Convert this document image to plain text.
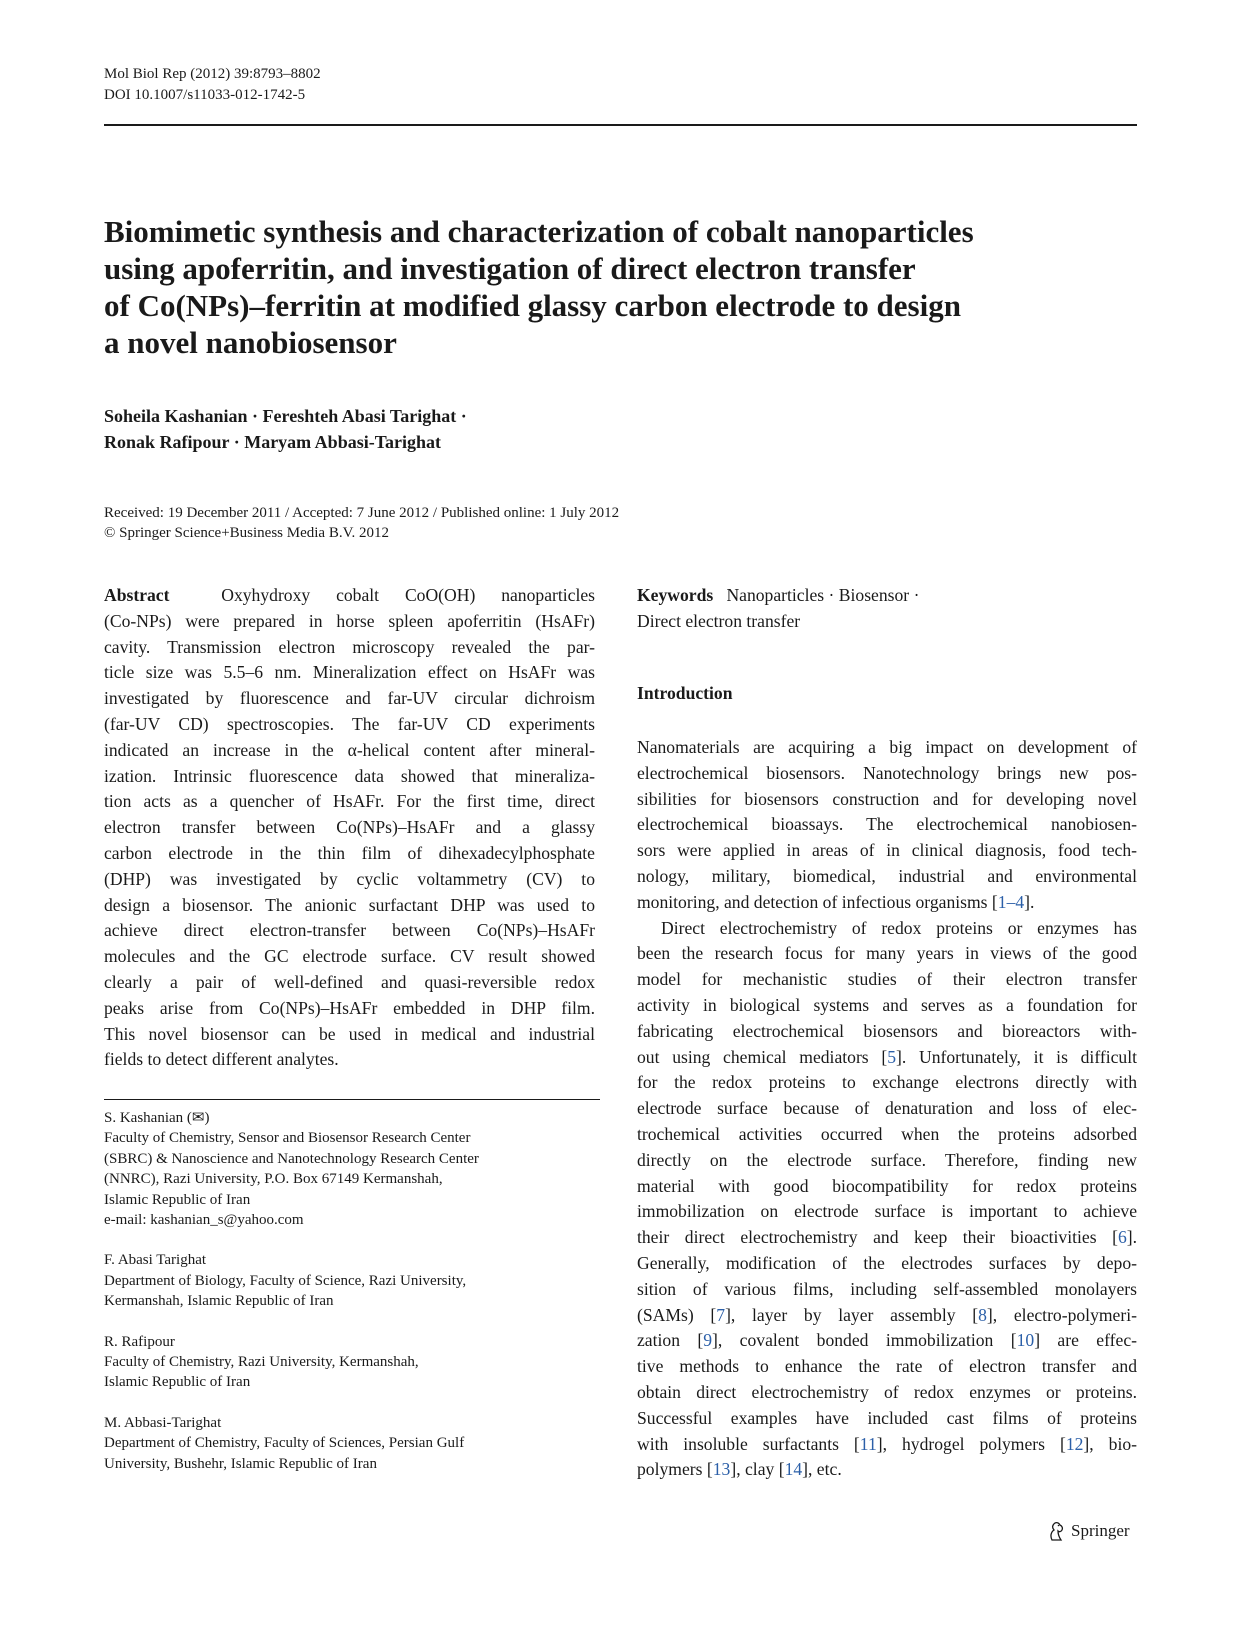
Mol Biol Rep (2012) 39:8793–8802
DOI 10.1007/s11033-012-1742-5
Biomimetic synthesis and characterization of cobalt nanoparticles
using apoferritin, and investigation of direct electron transfer
of Co(NPs)–ferritin at modified glassy carbon electrode to design
a novel nanobiosensor
Soheila Kashanian · Fereshteh Abasi Tarighat ·
Ronak Rafipour · Maryam Abbasi-Tarighat
Received: 19 December 2011 / Accepted: 7 June 2012 / Published online: 1 July 2012
© Springer Science+Business Media B.V. 2012
Abstract	Oxyhydroxy cobalt CoO(OH) nanoparticles
(Co-NPs) were prepared in horse spleen apoferritin (HsAFr)
cavity. Transmission electron microscopy revealed the par-
ticle size was 5.5–6 nm. Mineralization effect on HsAFr was
investigated by fluorescence and far-UV circular dichroism
(far-UV CD) spectroscopies. The far-UV CD experiments
indicated an increase in the α-helical content after mineral-
ization. Intrinsic fluorescence data showed that mineraliza-
tion acts as a quencher of HsAFr. For the first time, direct
electron transfer between Co(NPs)–HsAFr and a glassy
carbon electrode in the thin film of dihexadecylphosphate
(DHP) was investigated by cyclic voltammetry (CV) to
design a biosensor. The anionic surfactant DHP was used to
achieve direct electron-transfer between Co(NPs)–HsAFr
molecules and the GC electrode surface. CV result showed
clearly a pair of well-defined and quasi-reversible redox
peaks arise from Co(NPs)–HsAFr embedded in DHP film.
This novel biosensor can be used in medical and industrial
fields to detect different analytes.
S. Kashanian (✉)
Faculty of Chemistry, Sensor and Biosensor Research Center
(SBRC) & Nanoscience and Nanotechnology Research Center
(NNRC), Razi University, P.O. Box 67149 Kermanshah,
Islamic Republic of Iran
e-mail: kashanian_s@yahoo.com
F. Abasi Tarighat
Department of Biology, Faculty of Science, Razi University,
Kermanshah, Islamic Republic of Iran
R. Rafipour
Faculty of Chemistry, Razi University, Kermanshah,
Islamic Republic of Iran
M. Abbasi-Tarighat
Department of Chemistry, Faculty of Sciences, Persian Gulf
University, Bushehr, Islamic Republic of Iran
Keywords Nanoparticles · Biosensor ·
Direct electron transfer
Introduction
Nanomaterials are acquiring a big impact on development of
electrochemical biosensors. Nanotechnology brings new pos-
sibilities for biosensors construction and for developing novel
electrochemical bioassays. The electrochemical nanobiosen-
sors were applied in areas of in clinical diagnosis, food tech-
nology, military, biomedical, industrial and environmental
monitoring, and detection of infectious organisms [1–4].
Direct electrochemistry of redox proteins or enzymes has
been the research focus for many years in views of the good
model for mechanistic studies of their electron transfer
activity in biological systems and serves as a foundation for
fabricating electrochemical biosensors and bioreactors with-
out using chemical mediators [5]. Unfortunately, it is difficult
for the redox proteins to exchange electrons directly with
electrode surface because of denaturation and loss of elec-
trochemical activities occurred when the proteins adsorbed
directly on the electrode surface. Therefore, finding new
material with good biocompatibility for redox proteins
immobilization on electrode surface is important to achieve
their direct electrochemistry and keep their bioactivities [6].
Generally, modification of the electrodes surfaces by depo-
sition of various films, including self-assembled monolayers
(SAMs) [7], layer by layer assembly [8], electro-polymeri-
zation [9], covalent bonded immobilization [10] are effec-
tive methods to enhance the rate of electron transfer and
obtain direct electrochemistry of redox enzymes or proteins.
Successful examples have included cast films of proteins
with insoluble surfactants [11], hydrogel polymers [12], bio-
polymers [13], clay [14], etc.
Springer
